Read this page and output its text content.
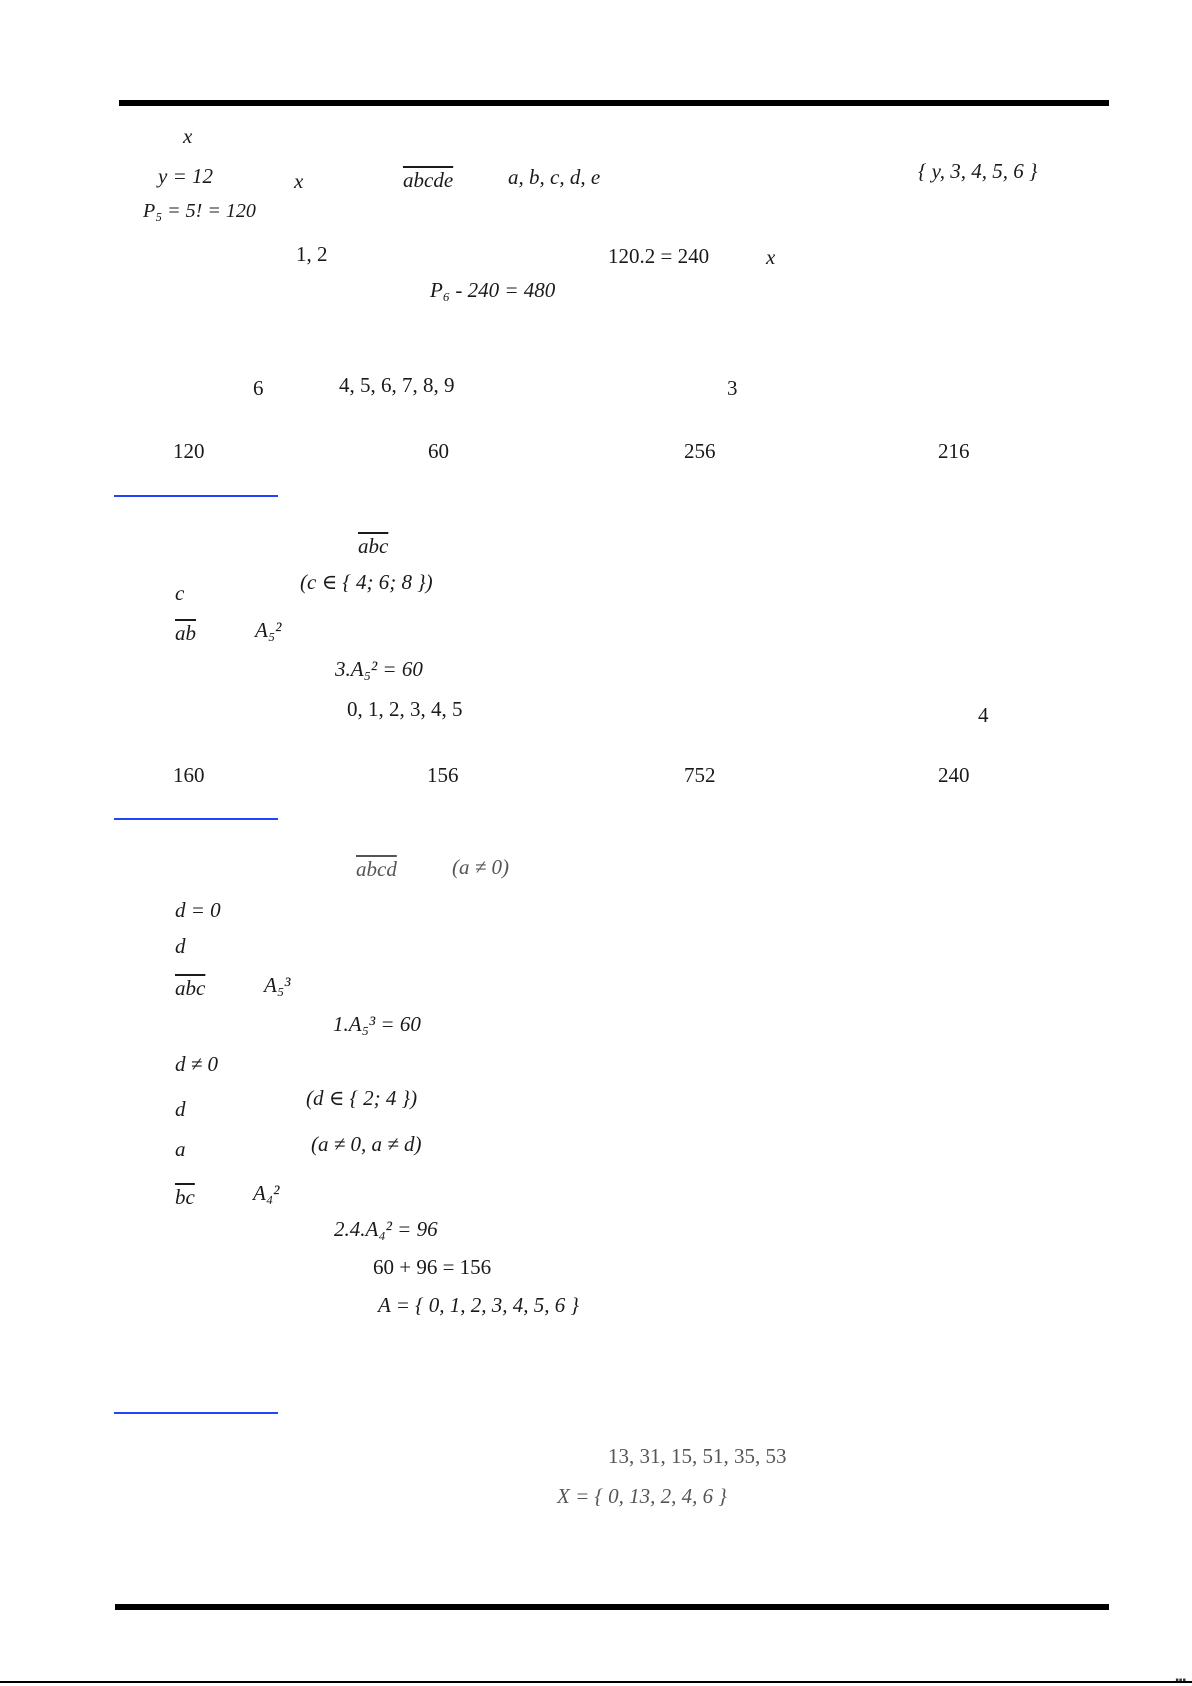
x
y = 12	x	abcde	a, b, c, d, e	{ y, 3, 4, 5, 6 }
P₅ = 5! = 120
1, 2	120.2 = 240	x
P₆ - 240 = 480
6	4, 5, 6, 7, 8, 9	3
120	60	256	216
$\overline{abc}$
c	(c ∈ { 4; 6; 8 })
$\overline{ab}$	A₅²
3.A₅² = 60
0, 1, 2, 3, 4, 5	4
160	156	752	240
abcd	(a ≠ 0)
d = 0
d
$\overline{abc}$	A₅³
1.A₅³ = 60
d ≠ 0
d	(d ∈ { 2; 4 })
a	(a ≠ 0, a ≠ d)
$\overline{bc}$	A₄²
2.4.A₄² = 96
60 + 96 = 156
A = { 0, 1, 2, 3, 4, 5, 6 }
13, 31, 15, 51, 35, 53
X = { 0, 13, 2, 4, 6 }
▪▪▪
